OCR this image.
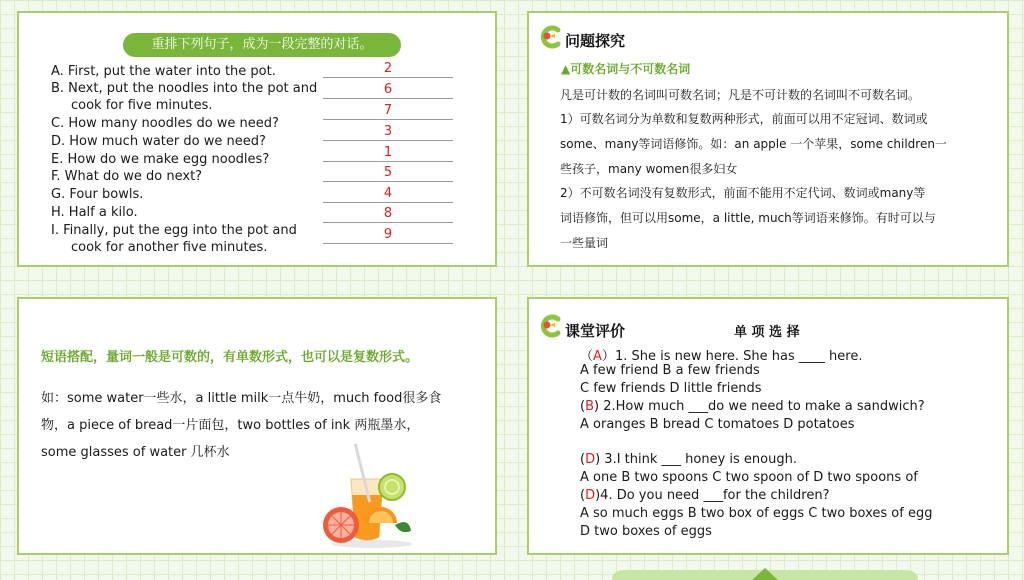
重排下列句子，成为一段完整的对话。
A. First, put the water into the pot.
B. Next, put the noodles into the pot and
cook for five minutes.
C. How many noodles do we need?
D. How much water do we need?
E. How do we make egg noodles?
F. What do we do next?
G. Four bowls.
H. Half a kilo.
I. Finally, put the egg into the pot and
cook for another five minutes.
2
6
7
3
1
5
4
8
9
问题探究
▲可数名词与不可数名词
凡是可计数的名词叫可数名词；凡是不可计数的名词叫不可数名词。
1）可数名词分为单数和复数两种形式，前面可以用不定冠词、数词或
some、many等词语修饰。如：an apple 一个苹果，some children一
些孩子，many women很多妇女
2）不可数名词没有复数形式，前面不能用不定代词、数词或many等
词语修饰，但可以用some，a little, much等词语来修饰。有时可以与
一些量词
短语搭配，量词一般是可数的，有单数形式，也可以是复数形式。
如：some water一些水，a little milk一点牛奶，much food很多食
物，a piece of bread一片面包，two bottles of ink 两瓶墨水，
some glasses of water 几杯水
课堂评价	单 项 选 择
（A）1. She is new here. She has ____ here.
A few friend B a few friends
C few friends D little friends
(B) 2.How much ___do we need to make a sandwich?
A oranges B bread C tomatoes D potatoes
(D) 3.I think ___ honey is enough.
A one B two spoons C two spoon of D two spoons of
(D)4. Do you need ___for the children?
A so much eggs B two box of eggs C two boxes of egg
D two boxes of eggs
